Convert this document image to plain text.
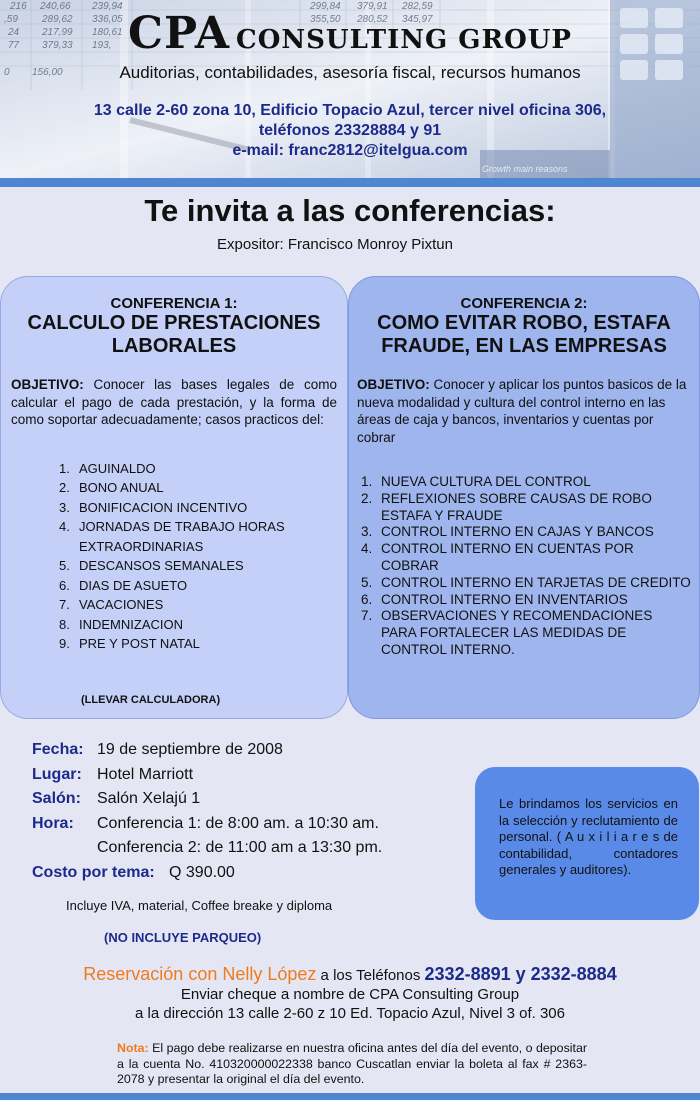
216 240,66 239,94	299,84 379,91 282,59
,59 289,62 336,05	355,50 280,52 345,97
24 217,99 180,61
77 379,33 193,
0 156,00
Growth main reasons
CPA CONSULTING GROUP
Auditorias, contabilidades, asesoría fiscal, recursos humanos
13 calle 2-60 zona 10, Edificio Topacio Azul, tercer nivel oficina 306,
teléfonos 23328884 y 91
e-mail: franc2812@itelgua.com
Te invita a las conferencias:
Expositor: Francisco Monroy Pixtun
CONFERENCIA 1:
CALCULO DE PRESTACIONES
LABORALES
OBJETIVO: Conocer las bases legales de como calcular el pago de cada prestación, y la forma de como soportar adecuadamente; casos practicos del:
1. AGUINALDO
2. BONO ANUAL
3. BONIFICACION INCENTIVO
4. JORNADAS DE TRABAJO HORAS EXTRAORDINARIAS
5. DESCANSOS SEMANALES
6. DIAS DE ASUETO
7. VACACIONES
8. INDEMNIZACION
9. PRE Y POST NATAL
(LLEVAR CALCULADORA)
CONFERENCIA 2:
COMO EVITAR ROBO, ESTAFA
FRAUDE, EN LAS EMPRESAS
OBJETIVO: Conocer y aplicar los puntos basicos de la nueva modalidad y cultura del control interno en las áreas de caja y bancos, inventarios y cuentas por cobrar
1. NUEVA CULTURA DEL CONTROL
2. REFLEXIONES SOBRE CAUSAS DE ROBO ESTAFA Y FRAUDE
3. CONTROL INTERNO EN CAJAS Y BANCOS
4. CONTROL INTERNO EN CUENTAS POR COBRAR
5. CONTROL INTERNO EN TARJETAS DE CREDITO
6. CONTROL INTERNO EN INVENTARIOS
7. OBSERVACIONES Y RECOMENDACIONES PARA FORTALECER LAS MEDIDAS DE CONTROL INTERNO.
Fecha: 19 de septiembre de 2008
Lugar: Hotel Marriott
Salón: Salón Xelajú 1
Hora: Conferencia 1: de 8:00 am. a 10:30 am.
Conferencia 2: de 11:00 am a 13:30 pm.
Costo por tema: Q 390.00
Incluye IVA, material, Coffee breake y diploma
(NO INCLUYE PARQUEO)
Le brindamos los servicios en la selección y reclutamiento de personal. ( A u x i l i a r e s de contabilidad, contadores generales y auditores).
Reservación con Nelly López a los Teléfonos 2332-8891 y 2332-8884
Enviar cheque a nombre de CPA Consulting Group
a la dirección 13 calle 2-60 z 10 Ed. Topacio Azul, Nivel 3 of. 306
Nota: El pago debe realizarse en nuestra oficina antes del día del evento, o depositar a la cuenta No. 410320000022338 banco Cuscatlan enviar la boleta al fax # 2363-2078 y presentar la original el día del evento.
